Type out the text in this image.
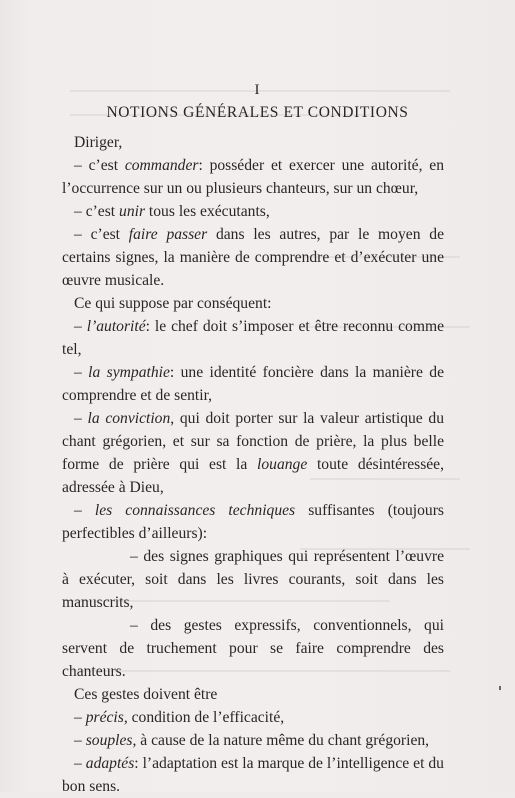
I
NOTIONS GÉNÉRALES ET CONDITIONS

Diriger,

– c’est commander: posséder et exercer une autorité, en l’occurrence sur un ou plusieurs chanteurs, sur un chœur,

– c’est unir tous les exécutants,

– c’est faire passer dans les autres, par le moyen de certains signes, la manière de comprendre et d’exécuter une œuvre musicale.

Ce qui suppose par conséquent:

– l’autorité: le chef doit s’imposer et être reconnu comme tel,

– la sympathie: une identité foncière dans la manière de comprendre et de sentir,

– la conviction, qui doit porter sur la valeur artistique du chant grégorien, et sur sa fonction de prière, la plus belle forme de prière qui est la louange toute désintéressée, adressée à Dieu,

– les connaissances techniques suffisantes (toujours perfectibles d’ailleurs):

– des signes graphiques qui représentent l’œuvre à exécuter, soit dans les livres courants, soit dans les manuscrits,

– des gestes expressifs, conventionnels, qui servent de truchement pour se faire comprendre des chanteurs.

Ces gestes doivent être

– précis, condition de l’efficacité,

– souples, à cause de la nature même du chant grégorien,

– adaptés: l’adaptation est la marque de l’intelligence et du bon sens.
